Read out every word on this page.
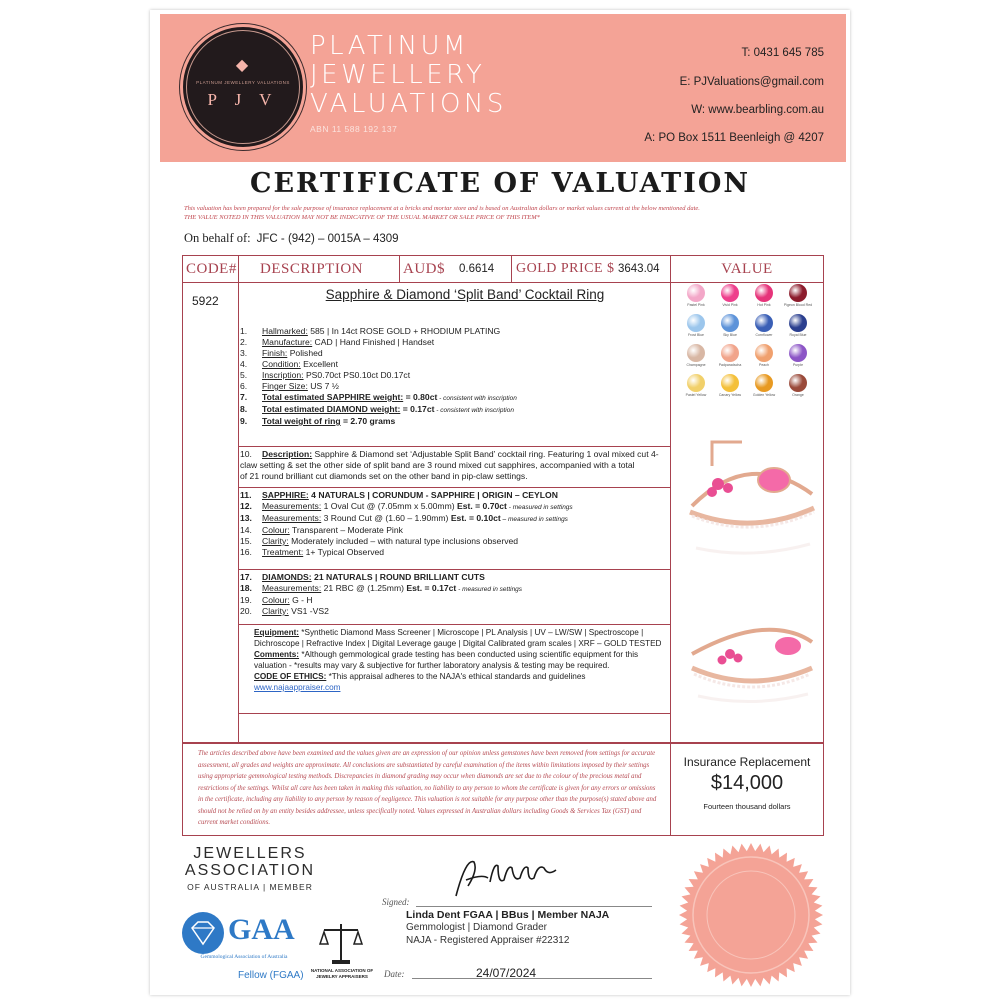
◆
PLATINUM JEWELLERY VALUATIONS
P J V
PLATINUM
JEWELLERY
VALUATIONS
ABN 11 588 192 137
T: 0431 645 785
E: PJValuations@gmail.com
W: www.bearbling.com.au
A: PO Box 1511 Beenleigh @ 4207
CERTIFICATE OF VALUATION
This valuation has been prepared for the sale purpose of insurance replacement at a bricks and mortar store and is based on Australian dollars or market values current at the below mentioned date.
THE VALUE NOTED IN THIS VALUATION MAY NOT BE INDICATIVE OF THE USUAL MARKET OR SALE PRICE OF THIS ITEM*
On behalf of: JFC - (942) – 0015A – 4309
CODE# DESCRIPTION	AUD$ 0.6614 GOLD PRICE $ 3643.04	VALUE
5922	Sapphire & Diamond ‘Split Band’ Cocktail Ring
1.	Hallmarked: 585 | In 14ct ROSE GOLD + RHODIUM PLATING
2.	Manufacture: CAD | Hand Finished | Handset
3.	Finish: Polished
4.	Condition: Excellent
5.	Inscription: PS0.70ct PS0.10ct D0.17ct
6.	Finger Size: US 7 ½
7.	Total estimated SAPPHIRE weight: = 0.80ct - consistent with inscription
8.	Total estimated DIAMOND weight: = 0.17ct - consistent with inscription
9.	Total weight of ring = 2.70 grams
10.	Description: Sapphire & Diamond set ‘Adjustable Split Band’ cocktail ring. Featuring 1 oval mixed cut 4-
claw setting & set the other side of split band are 3 round mixed cut sapphires, accompanied with a total
of 21 round brilliant cut diamonds set on the other band in pip-claw settings.
11.	SAPPHIRE: 4 NATURALS | CORUNDUM - SAPPHIRE | ORIGIN – CEYLON
12.	Measurements: 1 Oval Cut @ (7.05mm x 5.00mm) Est. = 0.70ct - measured in settings
13.	Measurements: 3 Round Cut @ (1.60 – 1.90mm) Est. = 0.10ct – measured in settings
14.	Colour: Transparent – Moderate Pink
15.	Clarity: Moderately included – with natural type inclusions observed
16.	Treatment: 1+ Typical Observed
17.	DIAMONDS: 21 NATURALS | ROUND BRILLIANT CUTS
18.	Measurements: 21 RBC @ (1.25mm) Est. = 0.17ct - measured in settings
19.	Colour: G - H
20.	Clarity: VS1 -VS2
Equipment: *Synthetic Diamond Mass Screener | Microscope | PL Analysis | UV – LW/SW | Spectroscope | Dichroscope | Refractive Index | Digital Leverage gauge | Digital Calibrated gram scales | XRF – GOLD TESTED
Comments: *Although gemmological grade testing has been conducted using scientific equipment for this valuation - *results may vary & subjective for further laboratory analysis & testing may be required.
CODE OF ETHICS: *This appraisal adheres to the NAJA's ethical standards and guidelines
www.najaappraiser.com
Pastel Pink	Vivid Pink	Hot Pink	Pigeon Blood Red
Frost Blue	Sky Blue	Cornflower	Royal Blue
Champagne	Padparadscha	Peach	Purple
Pastel Yellow	Canary Yellow	Golden Yellow	Orange
The articles described above have been examined and the values given are an expression of our opinion unless gemstones have been removed from settings for accurate assessment, all grades and weights are approximate. All conclusions are substantiated by careful examination of the items within limitations imposed by their settings using appropriate gemmological testing methods. Discrepancies in diamond grading may occur when diamonds are set due to the colour of the precious metal and restrictions of the settings. Whilst all care has been taken in making this valuation, no liability to any person to whom the certificate is given for any errors or omissions in the certificate, including any liability to any person by reason of negligence. This valuation is not suitable for any purpose other than the purpose(s) stated above and should not be relied on by an entity besides addressee, unless specifically noted. Values expressed in Australian dollars including Goods & Services Tax (GST) and current market conditions.
Insurance Replacement
$14,000
Fourteen thousand dollars
JEWELLERS
ASSOCIATION
OF AUSTRALIA | MEMBER
GAA
Gemmological Association of Australia
Fellow (FGAA)	NATIONAL ASSOCIATION OF JEWELRY APPRAISERS
Signed:
Linda Dent FGAA | BBus | Member NAJA
Gemmologist | Diamond Grader
NAJA - Registered Appraiser #22312
Date:	24/07/2024
